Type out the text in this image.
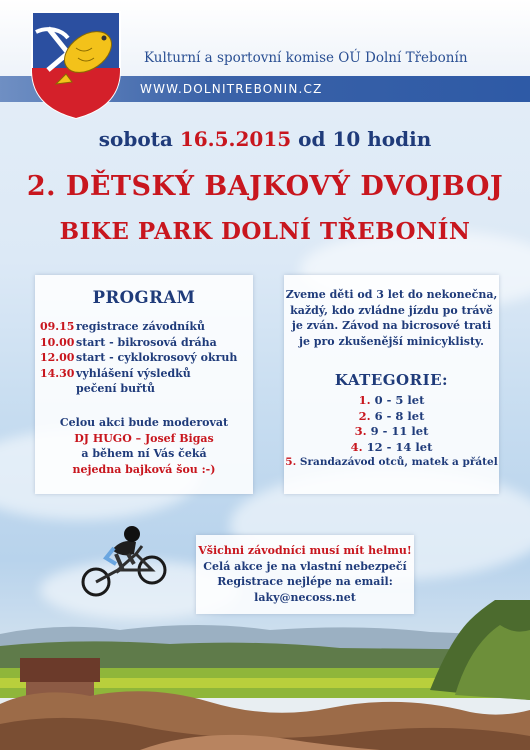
Kulturní a sportovní komise OÚ Dolní Třebonín
WWW.DOLNITREBONIN.CZ
sobota 16.5.2015 od 10 hodin
2. DĚTSKÝ BAJKOVÝ DVOJBOJ
BIKE PARK DOLNÍ TŘEBONÍN
PROGRAM
09.15 registrace závodníků
10.00 start - bikrosová dráha
12.00 start - cyklokrosový okruh
14.30 vyhlášení výsledků
pečení buřtů
Celou akci bude moderovat
DJ HUGO – Josef Bigas
a během ní Vás čeká
nejedna bajková šou :-)
Zveme děti od 3 let do nekonečna,
každý, kdo zvládne jízdu po trávě
je zván. Závod na bicrosové trati
je pro zkušenější minicyklisty.
KATEGORIE:
1. 0 - 5 let
2. 6 - 8 let
3. 9 - 11 let
4. 12 - 14 let
5. Srandazávod otců, matek a přátel
Všichni závodníci musí mít helmu!
Celá akce je na vlastní nebezpečí
Registrace nejlépe na email:
laky@necoss.net
